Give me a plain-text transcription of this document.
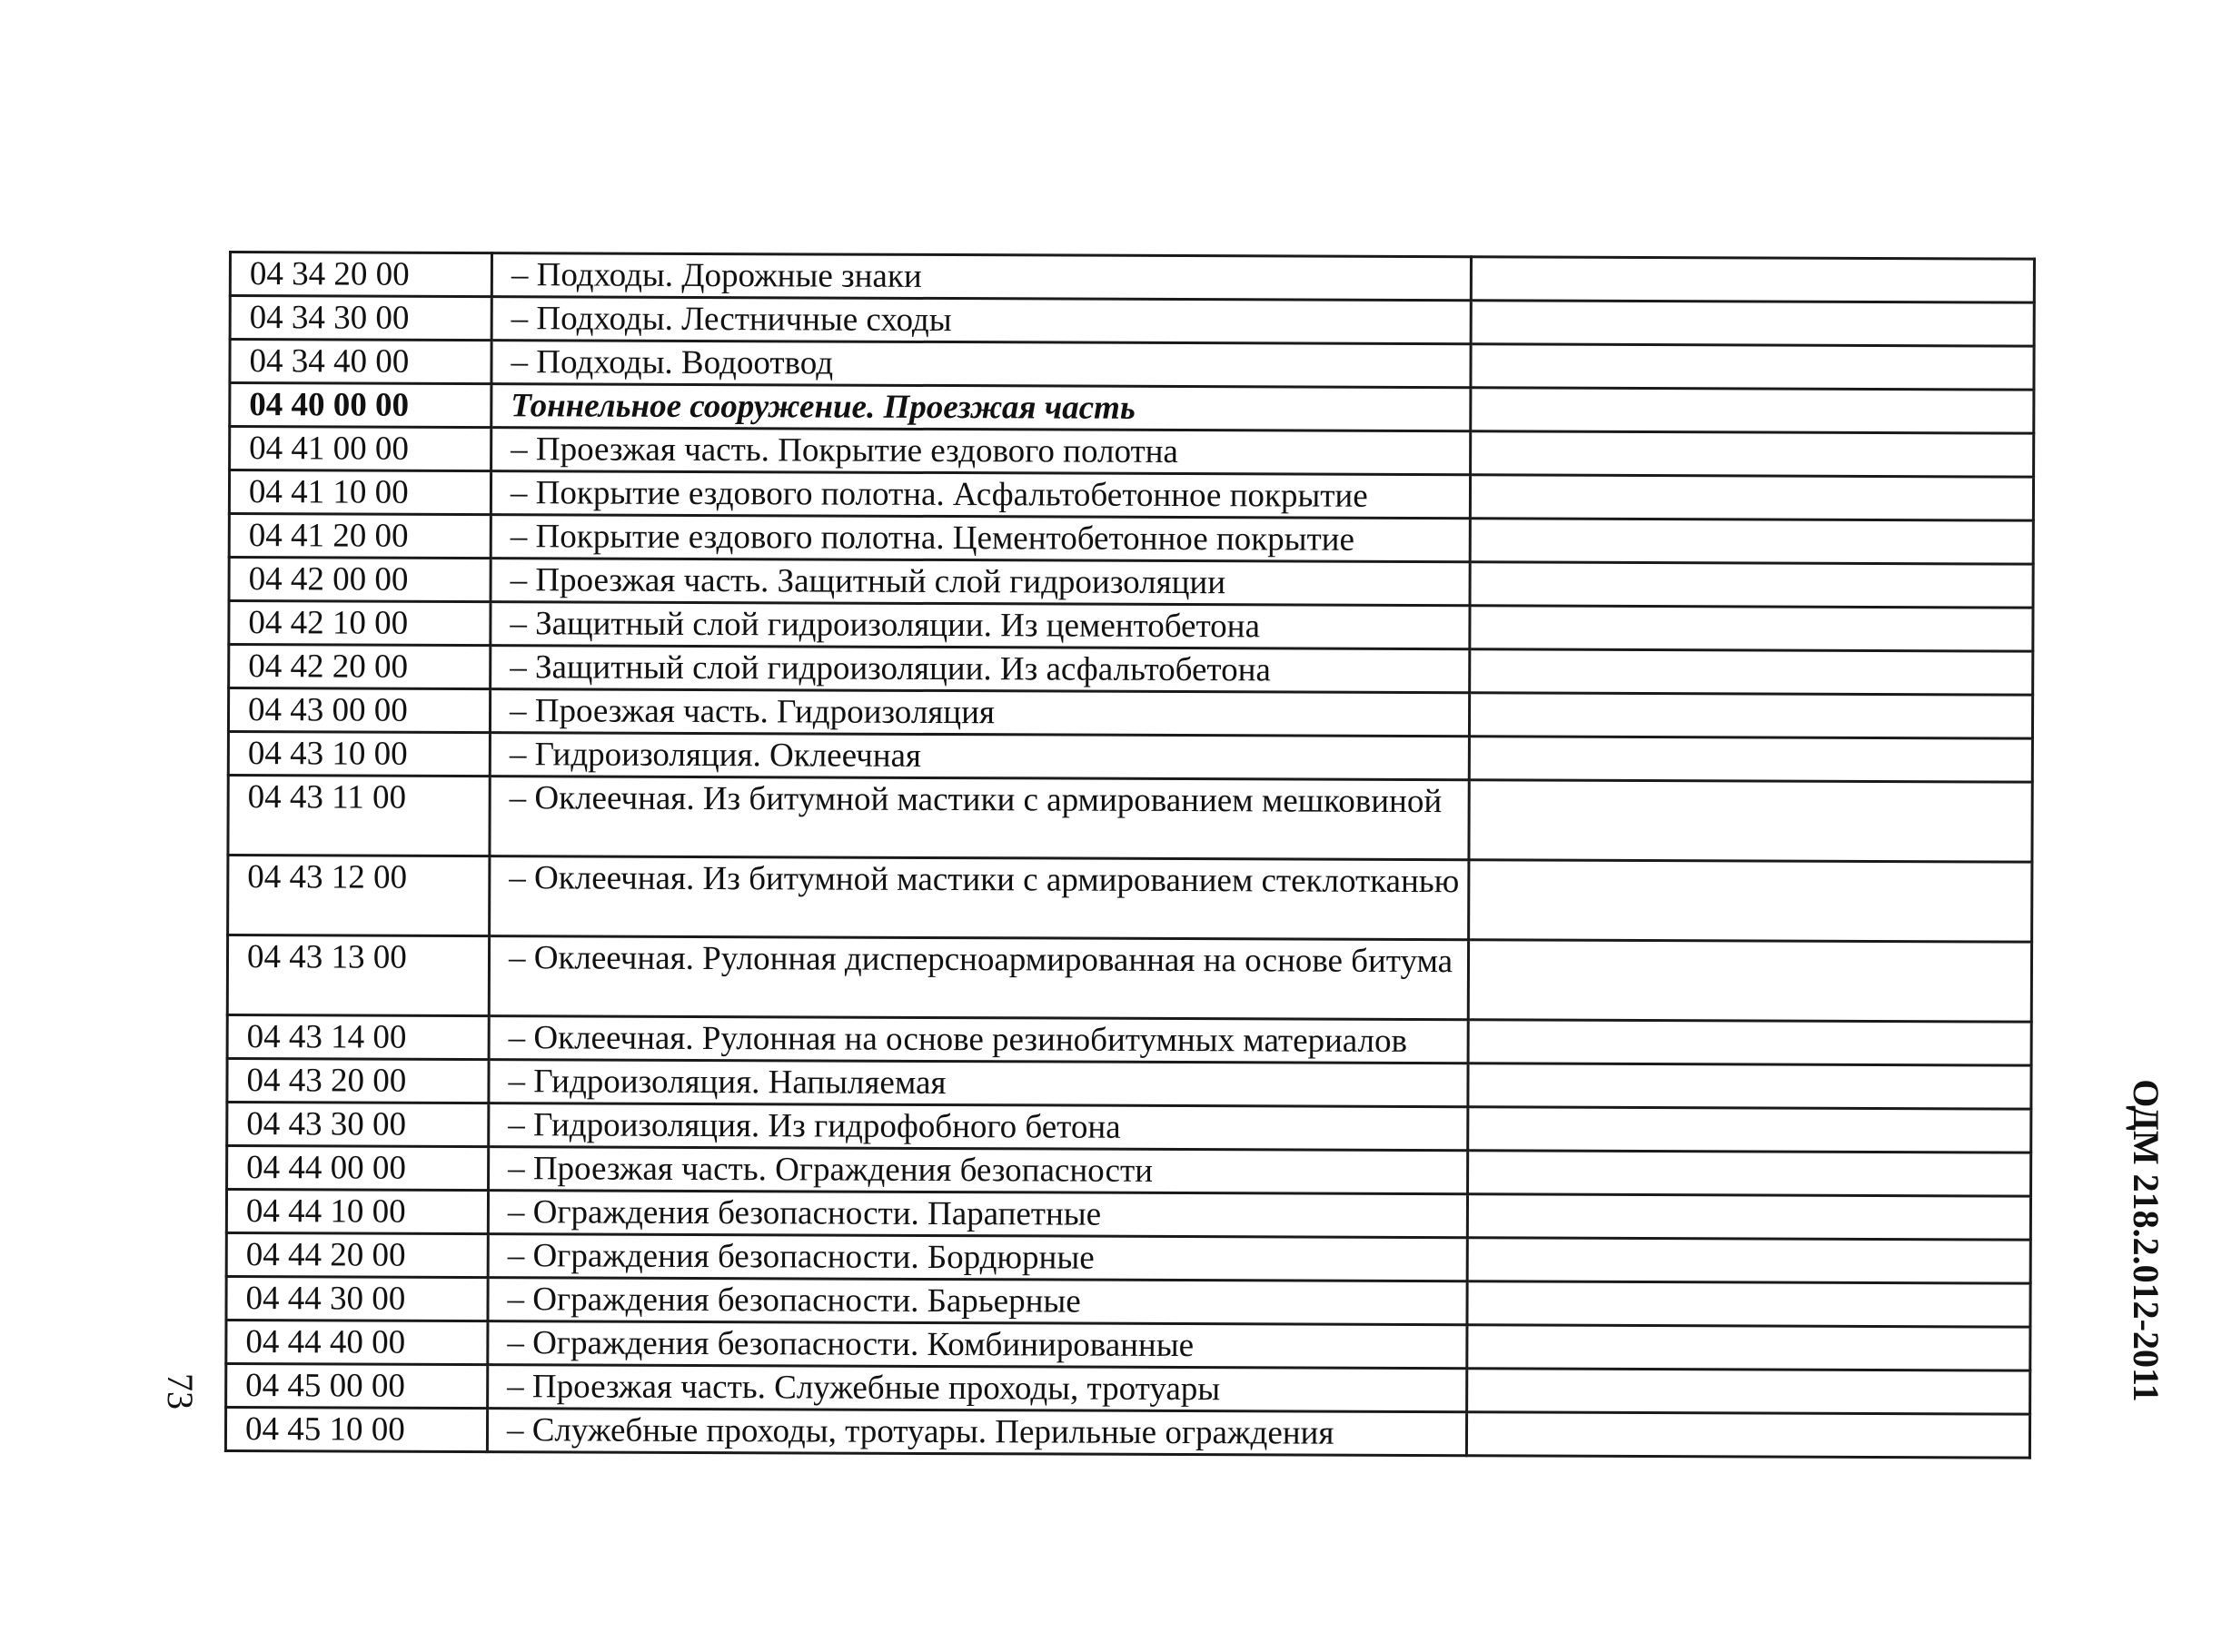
04 34 20 00	– Подходы. Дорожные знаки	
04 34 30 00	– Подходы. Лестничные сходы	
04 34 40 00	– Подходы. Водоотвод	
04 40 00 00	Тоннельное сооружение. Проезжая часть	
04 41 00 00	– Проезжая часть. Покрытие ездового полотна	
04 41 10 00	– Покрытие ездового полотна. Асфальтобетонное покрытие	
04 41 20 00	– Покрытие ездового полотна. Цементобетонное покрытие	
04 42 00 00	– Проезжая часть. Защитный слой гидроизоляции	
04 42 10 00	– Защитный слой гидроизоляции. Из цементобетона	
04 42 20 00	– Защитный слой гидроизоляции. Из асфальтобетона	
04 43 00 00	– Проезжая часть. Гидроизоляция	
04 43 10 00	– Гидроизоляция. Оклеечная	
04 43 11 00	– Оклеечная. Из битумной мастики с армированием мешковиной	
04 43 12 00	– Оклеечная. Из битумной мастики с армированием стеклотканью	
04 43 13 00	– Оклеечная. Рулонная дисперсноармированная на основе битума	
04 43 14 00	– Оклеечная. Рулонная на основе резинобитумных материалов	
04 43 20 00	– Гидроизоляция. Напыляемая	
04 43 30 00	– Гидроизоляция. Из гидрофобного бетона	
04 44 00 00	– Проезжая часть. Ограждения безопасности	
04 44 10 00	– Ограждения безопасности. Парапетные	
04 44 20 00	– Ограждения безопасности. Бордюрные	
04 44 30 00	– Ограждения безопасности. Барьерные	
04 44 40 00	– Ограждения безопасности. Комбинированные	
04 45 00 00	– Проезжая часть. Служебные проходы, тротуары	
04 45 10 00	– Служебные проходы, тротуары. Перильные ограждения	
73	ОДМ 218.2.012-2011
